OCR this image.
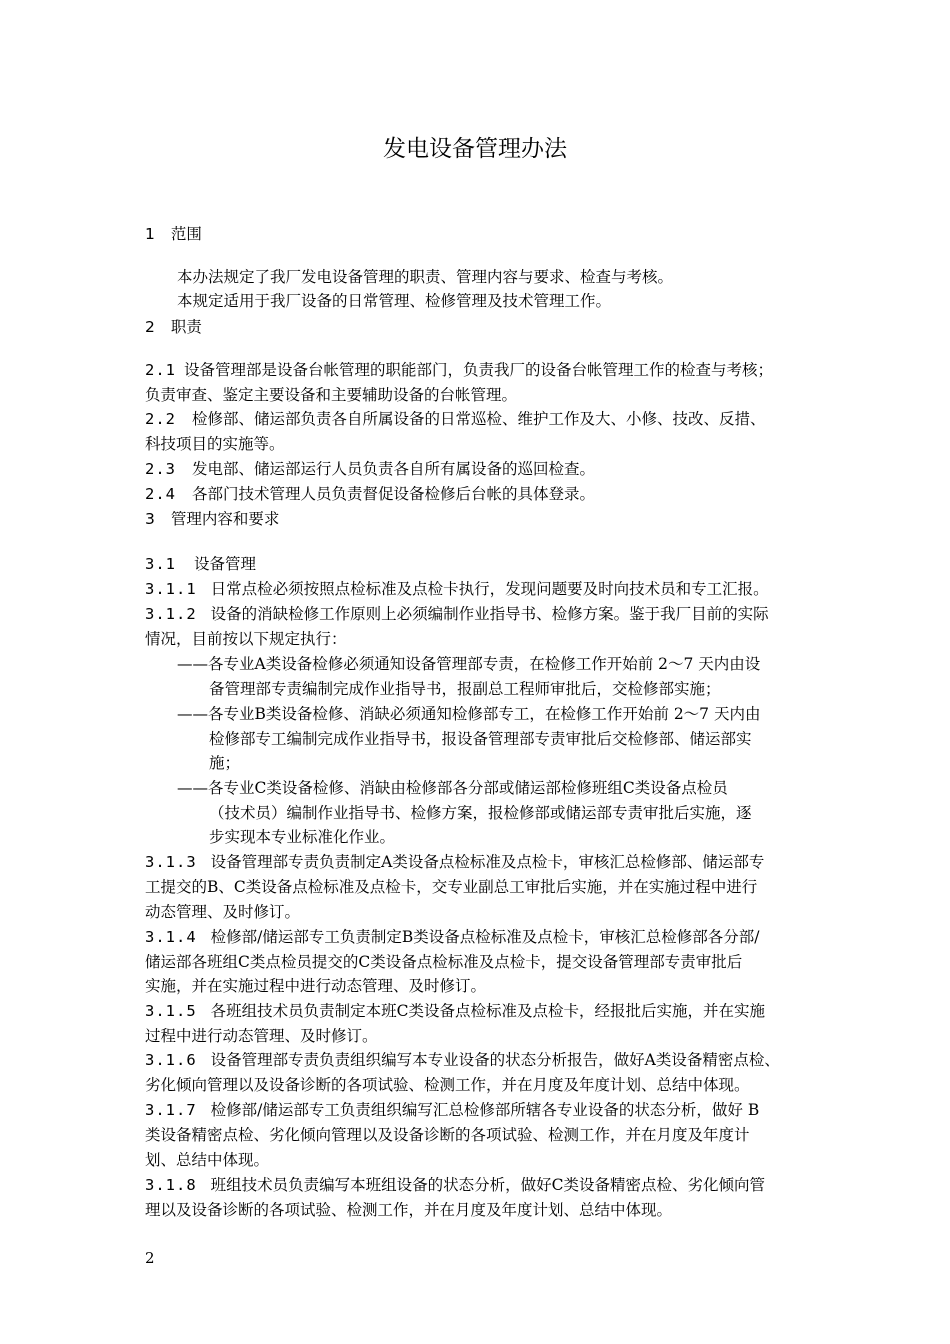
发电设备管理办法
1 范围
本办法规定了我厂发电设备管理的职责、管理内容与要求、检查与考核。
本规定适用于我厂设备的日常管理、检修管理及技术管理工作。
2 职责
2.1 设备管理部是设备台帐管理的职能部门，负责我厂的设备台帐管理工作的检查与考核；
负责审查、鉴定主要设备和主要辅助设备的台帐管理。
2.2 检修部、储运部负责各自所属设备的日常巡检、维护工作及大、小修、技改、反措、
科技项目的实施等。
2.3 发电部、储运部运行人员负责各自所有属设备的巡回检查。
2.4 各部门技术管理人员负责督促设备检修后台帐的具体登录。
3 管理内容和要求
3.1 设备管理
3.1.1 日常点检必须按照点检标准及点检卡执行，发现问题要及时向技术员和专工汇报。
3.1.2 设备的消缺检修工作原则上必须编制作业指导书、检修方案。鉴于我厂目前的实际
情况，目前按以下规定执行：
——各专业A类设备检修必须通知设备管理部专责，在检修工作开始前 2～7 天内由设
备管理部专责编制完成作业指导书，报副总工程师审批后，交检修部实施；
——各专业B类设备检修、消缺必须通知检修部专工，在检修工作开始前 2～7 天内由
检修部专工编制完成作业指导书，报设备管理部专责审批后交检修部、储运部实
施；
——各专业C类设备检修、消缺由检修部各分部或储运部检修班组C类设备点检员
（技术员）编制作业指导书、检修方案，报检修部或储运部专责审批后实施，逐
步实现本专业标准化作业。
3.1.3 设备管理部专责负责制定A类设备点检标准及点检卡，审核汇总检修部、储运部专
工提交的B、C类设备点检标准及点检卡，交专业副总工审批后实施，并在实施过程中进行
动态管理、及时修订。
3.1.4 检修部/储运部专工负责制定B类设备点检标准及点检卡，审核汇总检修部各分部/
储运部各班组C类点检员提交的C类设备点检标准及点检卡，提交设备管理部专责审批后
实施，并在实施过程中进行动态管理、及时修订。
3.1.5 各班组技术员负责制定本班C类设备点检标准及点检卡，经报批后实施，并在实施
过程中进行动态管理、及时修订。
3.1.6 设备管理部专责负责组织编写本专业设备的状态分析报告，做好A类设备精密点检、
劣化倾向管理以及设备诊断的各项试验、检测工作，并在月度及年度计划、总结中体现。
3.1.7 检修部/储运部专工负责组织编写汇总检修部所辖各专业设备的状态分析，做好 B
类设备精密点检、劣化倾向管理以及设备诊断的各项试验、检测工作，并在月度及年度计
划、总结中体现。
3.1.8 班组技术员负责编写本班组设备的状态分析，做好C类设备精密点检、劣化倾向管
理以及设备诊断的各项试验、检测工作，并在月度及年度计划、总结中体现。
2
